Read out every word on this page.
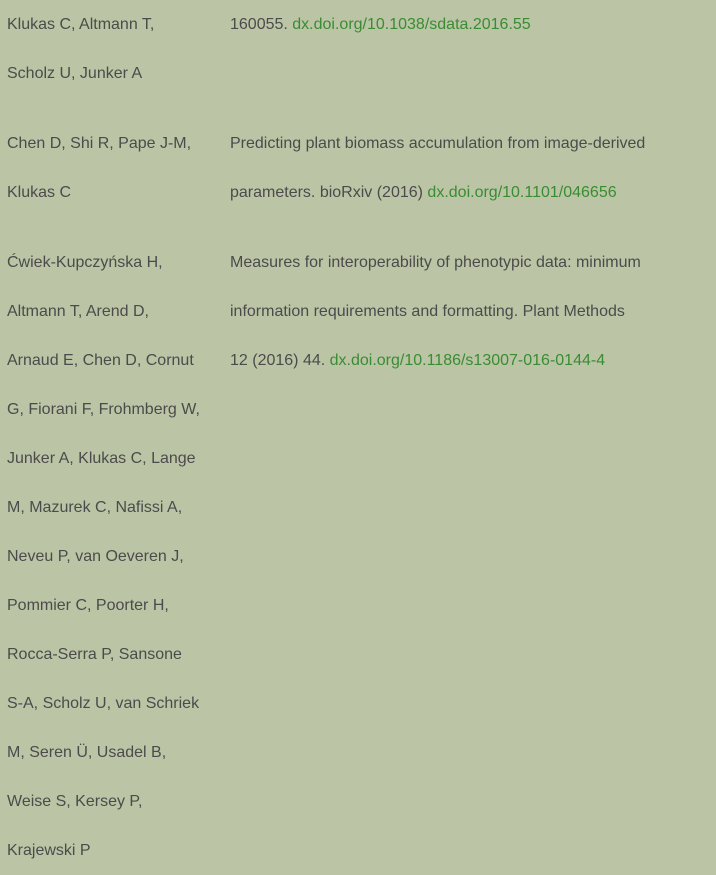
Klukas C, Altmann T,
Scholz U, Junker A
160055. dx.doi.org/10.1038/sdata.2016.55
Chen D, Shi R, Pape J-M,
Klukas C
Predicting plant biomass accumulation from image-derived
parameters. bioRxiv (2016) dx.doi.org/10.1101/046656
Ćwiek-Kupczyńska H,
Altmann T, Arend D,
Arnaud E, Chen D, Cornut
G, Fiorani F, Frohmberg W,
Junker A, Klukas C, Lange
M, Mazurek C, Nafissi A,
Neveu P, van Oeveren J,
Pommier C, Poorter H,
Rocca-Serra P, Sansone
S-A, Scholz U, van Schriek
M, Seren Ü, Usadel B,
Weise S, Kersey P,
Krajewski P
Measures for interoperability of phenotypic data: minimum
information requirements and formatting. Plant Methods
12 (2016) 44. dx.doi.org/10.1186/s13007-016-0144-4
